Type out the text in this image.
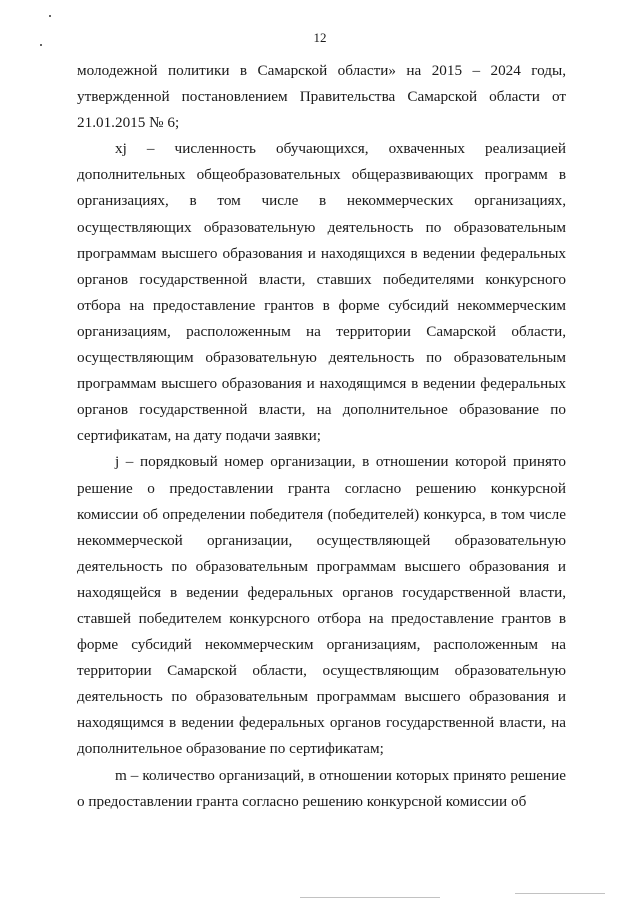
12

молодежной политики в Самарской области» на 2015 – 2024 годы, утвержденной постановлением Правительства Самарской области от 21.01.2015 № 6;

xj – численность обучающихся, охваченных реализацией дополнительных общеобразовательных общеразвивающих программ в организациях, в том числе в некоммерческих организациях, осуществляющих образовательную деятельность по образовательным программам высшего образования и находящихся в ведении федеральных органов государственной власти, ставших победителями конкурсного отбора на предоставление грантов в форме субсидий некоммерческим организациям, расположенным на территории Самарской области, осуществляющим образовательную деятельность по образовательным программам высшего образования и находящимся в ведении федеральных органов государственной власти, на дополнительное образование по сертификатам, на дату подачи заявки;

j – порядковый номер организации, в отношении которой принято решение о предоставлении гранта согласно решению конкурсной комиссии об определении победителя (победителей) конкурса, в том числе некоммерческой организации, осуществляющей образовательную деятельность по образовательным программам высшего образования и находящейся в ведении федеральных органов государственной власти, ставшей победителем конкурсного отбора на предоставление грантов в форме субсидий некоммерческим организациям, расположенным на территории Самарской области, осуществляющим образовательную деятельность по образовательным программам высшего образования и находящимся в ведении федеральных органов государственной власти, на дополнительное образование по сертификатам;

m – количество организаций, в отношении которых принято решение о предоставлении гранта согласно решению конкурсной комиссии об
